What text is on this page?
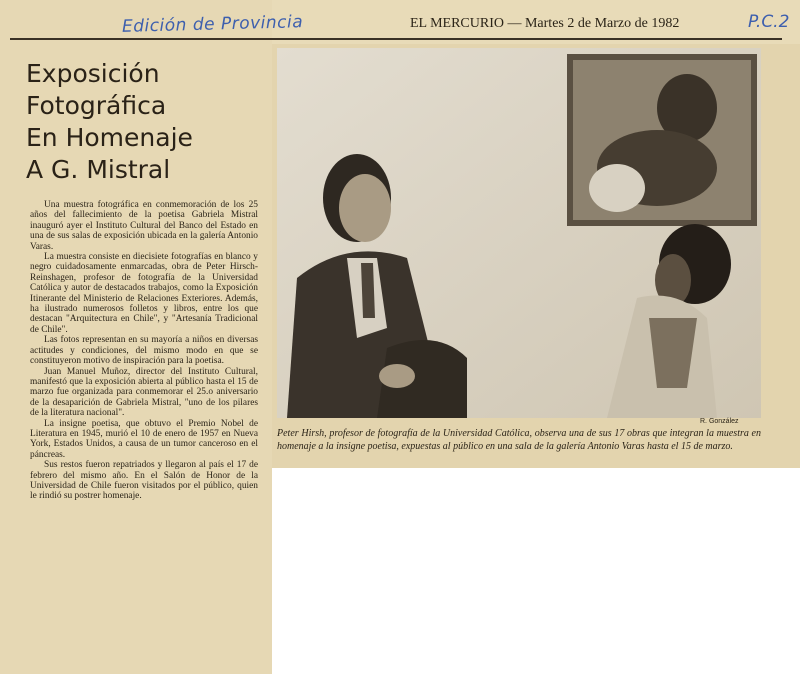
Edición de Provincia	EL MERCURIO — Martes 2 de Marzo de 1982	P.C.2
Exposición
Fotográfica
En Homenaje
A G. Mistral

Una muestra fotográfica en conmemoración de los 25 años del fallecimiento de la poetisa Gabriela Mistral inauguró ayer el Instituto Cultural del Banco del Estado en una de sus salas de exposición ubicada en la galería Antonio Varas.

La muestra consiste en diecisiete fotografías en blanco y negro cuidadosamente enmarcadas, obra de Peter Hirsch-Reinshagen, profesor de fotografía de la Universidad Católica y autor de destacados trabajos, como la Exposición Itinerante del Ministerio de Relaciones Exteriores. Además, ha ilustrado numerosos folletos y libros, entre los que destacan "Arquitectura en Chile", y "Artesanía Tradicional de Chile".

Las fotos representan en su mayoría a niños en diversas actitudes y condiciones, del mismo modo en que se constituyeron motivo de inspiración para la poetisa.

Juan Manuel Muñoz, director del Instituto Cultural, manifestó que la exposición abierta al público hasta el 15 de marzo fue organizada para conmemorar el 25.o aniversario de la desaparición de Gabriela Mistral, "uno de los pilares de la literatura nacional".

La insigne poetisa, que obtuvo el Premio Nobel de Literatura en 1945, murió el 10 de enero de 1957 en Nueva York, Estados Unidos, a causa de un tumor canceroso en el páncreas.

Sus restos fueron repatriados y llegaron al país el 17 de febrero del mismo año. En el Salón de Honor de la Universidad de Chile fueron visitados por el público, quien le rindió su postrer homenaje.

R. González
Peter Hirsh, profesor de fotografía de la Universidad Católica, observa una de sus 17 obras que integran la muestra en homenaje a la insigne poetisa, expuestas al público en una sala de la galería Antonio Varas hasta el 15 de marzo.
